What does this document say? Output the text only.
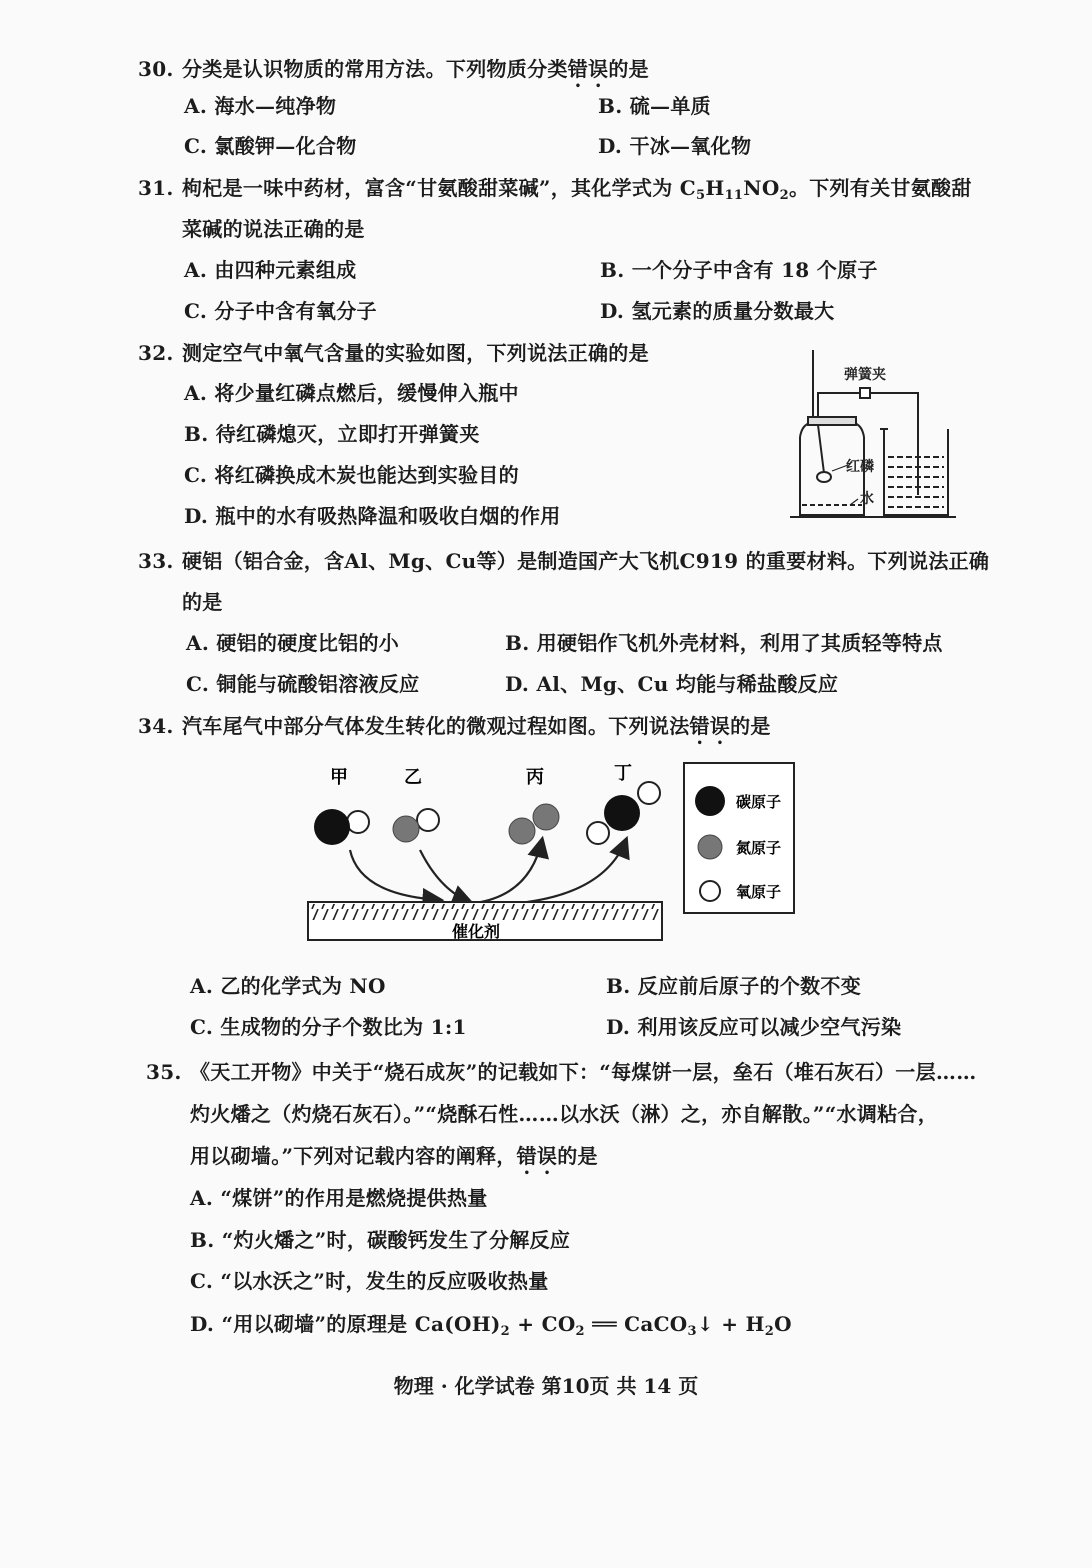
30. 分类是认识物质的常用方法。下列物质分类错误的是
A. 海水—纯净物	B. 硫—单质
C. 氯酸钾—化合物	D. 干冰—氧化物
31. 枸杞是一味中药材，富含“甘氨酸甜菜碱”，其化学式为 $C_5H_{11}NO_2$。下列有关甘氨酸甜
菜碱的说法正确的是
A. 由四种元素组成	B. 一个分子中含有 18 个原子
C. 分子中含有氧分子	D. 氢元素的质量分数最大
32. 测定空气中氧气含量的实验如图，下列说法正确的是
A. 将少量红磷点燃后，缓慢伸入瓶中
B. 待红磷熄灭，立即打开弹簧夹
C. 将红磷换成木炭也能达到实验目的
D. 瓶中的水有吸热降温和吸收白烟的作用
弹簧夹
红磷
水
33. 硬铝（铝合金，含Al、Mg、Cu等）是制造国产大飞机C919 的重要材料。下列说法正确
的是
A. 硬铝的硬度比铝的小	B. 用硬铝作飞机外壳材料，利用了其质轻等特点
C. 铜能与硫酸铝溶液反应	D. Al、Mg、Cu 均能与稀盐酸反应
34. 汽车尾气中部分气体发生转化的微观过程如图。下列说法错误的是
甲	乙	丙	丁
催化剂
碳原子
氮原子
氧原子
A. 乙的化学式为 NO	B. 反应前后原子的个数不变
C. 生成物的分子个数比为 1:1	D. 利用该反应可以减少空气污染
35. 《天工开物》中关于“烧石成灰”的记载如下：“每煤饼一层，垒石（堆石灰石）一层……
灼火燔之（灼烧石灰石）。”“烧酥石性……以水沃（淋）之，亦自解散。”“水调粘合，
用以砌墙。”下列对记载内容的阐释，错误的是
A. “煤饼”的作用是燃烧提供热量
B. “灼火燔之”时，碳酸钙发生了分解反应
C. “以水沃之”时，发生的反应吸收热量
D. “用以砌墙”的原理是 $Ca(OH)_2 + CO_2$ ══ CaCO$_3$↓ + $H_2O$
物理 · 化学试卷 第10页 共 14 页
